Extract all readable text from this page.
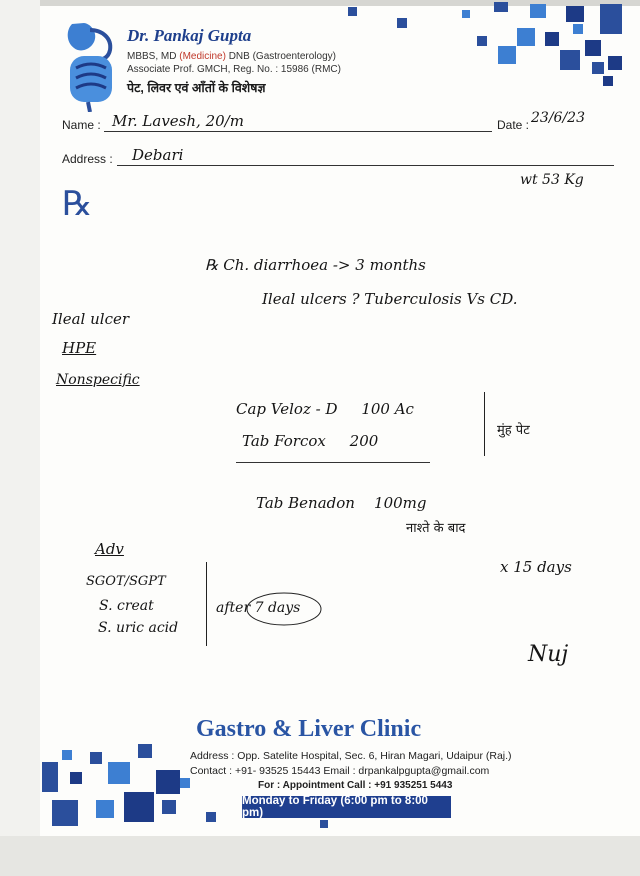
Dr. Pankaj Gupta
MBBS, MD (Medicine) DNB (Gastroenterology)
Associate Prof. GMCH, Reg. No. : 15986 (RMC)
पेट, लिवर एवं आँतों के विशेषज्ञ
Name : Mr. Lavesh, 20/m	Date : 23/6/23
Address : Debari
wt 53 Kg
℞
℞ Ch. diarrhoea -> 3 months
Ileal ulcers ? Tuberculosis Vs CD.
Ileal ulcer
HPE
Nonspecific
Cap Veloz - D     100 Ac
Tab Forcox     200
मुंह पेट
Tab Benadon    100mg
नाश्ते के बाद
x 15 days
Adv
SGOT/SGPT
S. creat
S. uric acid
after 7 days
Nuj
Gastro & Liver Clinic
Address : Opp. Satelite Hospital, Sec. 6, Hiran Magari, Udaipur (Raj.)
Contact : +91- 93525 15443 Email : drpankalpgupta@gmail.com
For : Appointment Call : +91 935251 5443
Monday to Friday (6:00 pm to 8:00 pm)
